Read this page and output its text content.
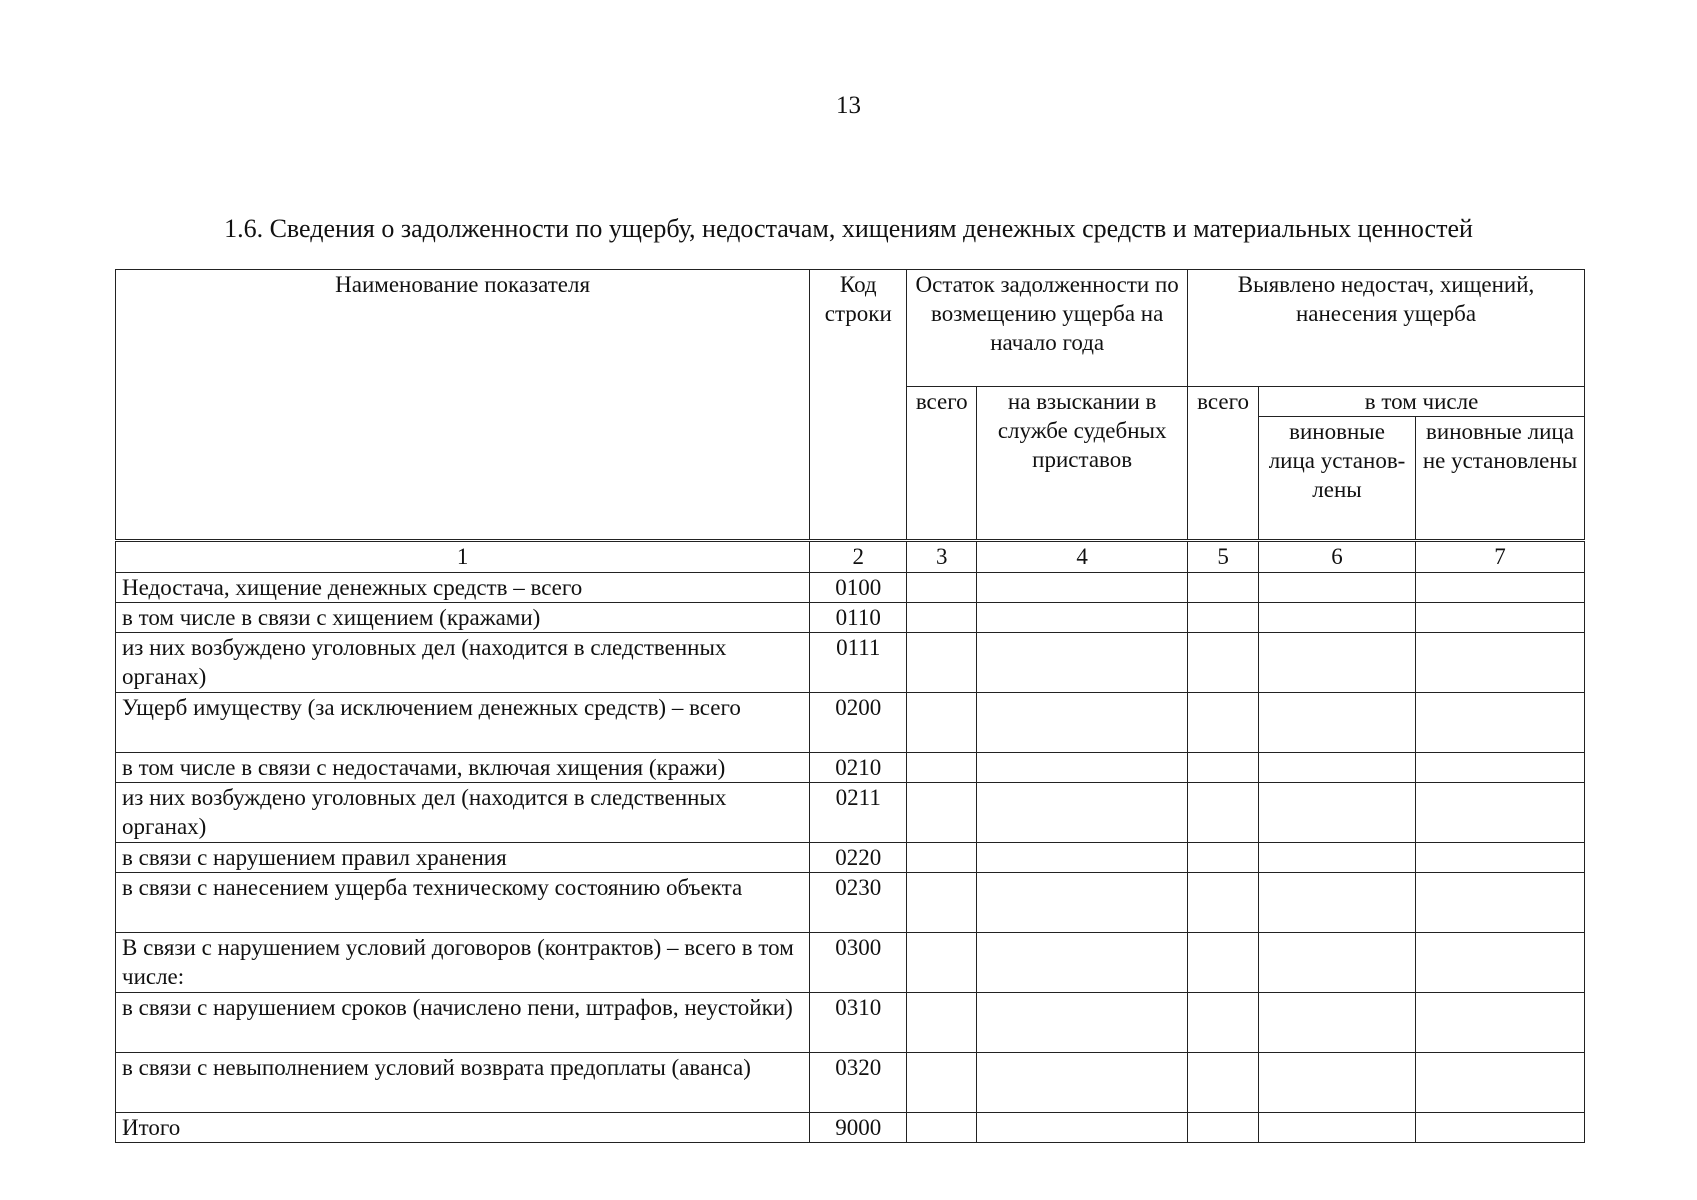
13
1.6. Сведения о задолженности по ущербу, недостачам, хищениям денежных средств и материальных ценностей
Наименование показателя	Код строки	Остаток задолженности по возмещению ущерба на начало года		Выявлено недостач, хищений, нанесения ущерба		
		всего	на взыскании в службе судебных приставов	всего	в том числе	
					виновные лица установ-лены	виновные лица не установлены
1	2	3	4	5	6	7
Недостача, хищение денежных средств – всего	0100					
в том числе в связи с хищением (кражами)	0110					
из них возбуждено уголовных дел (находится в следственных органах)	0111					
Ущерб имуществу (за исключением денежных средств) – всего	0200					
в том числе в связи с недостачами, включая хищения (кражи)	0210					
из них возбуждено уголовных дел (находится в следственных органах)	0211					
в связи с нарушением правил хранения	0220					
в связи с нанесением ущерба техническому состоянию объекта	0230					
В связи с нарушением условий договоров (контрактов) – всего в том числе:	0300					
в связи с нарушением сроков (начислено пени, штрафов, неустойки)	0310					
в связи с невыполнением условий возврата предоплаты (аванса)	0320					
Итого	9000					
